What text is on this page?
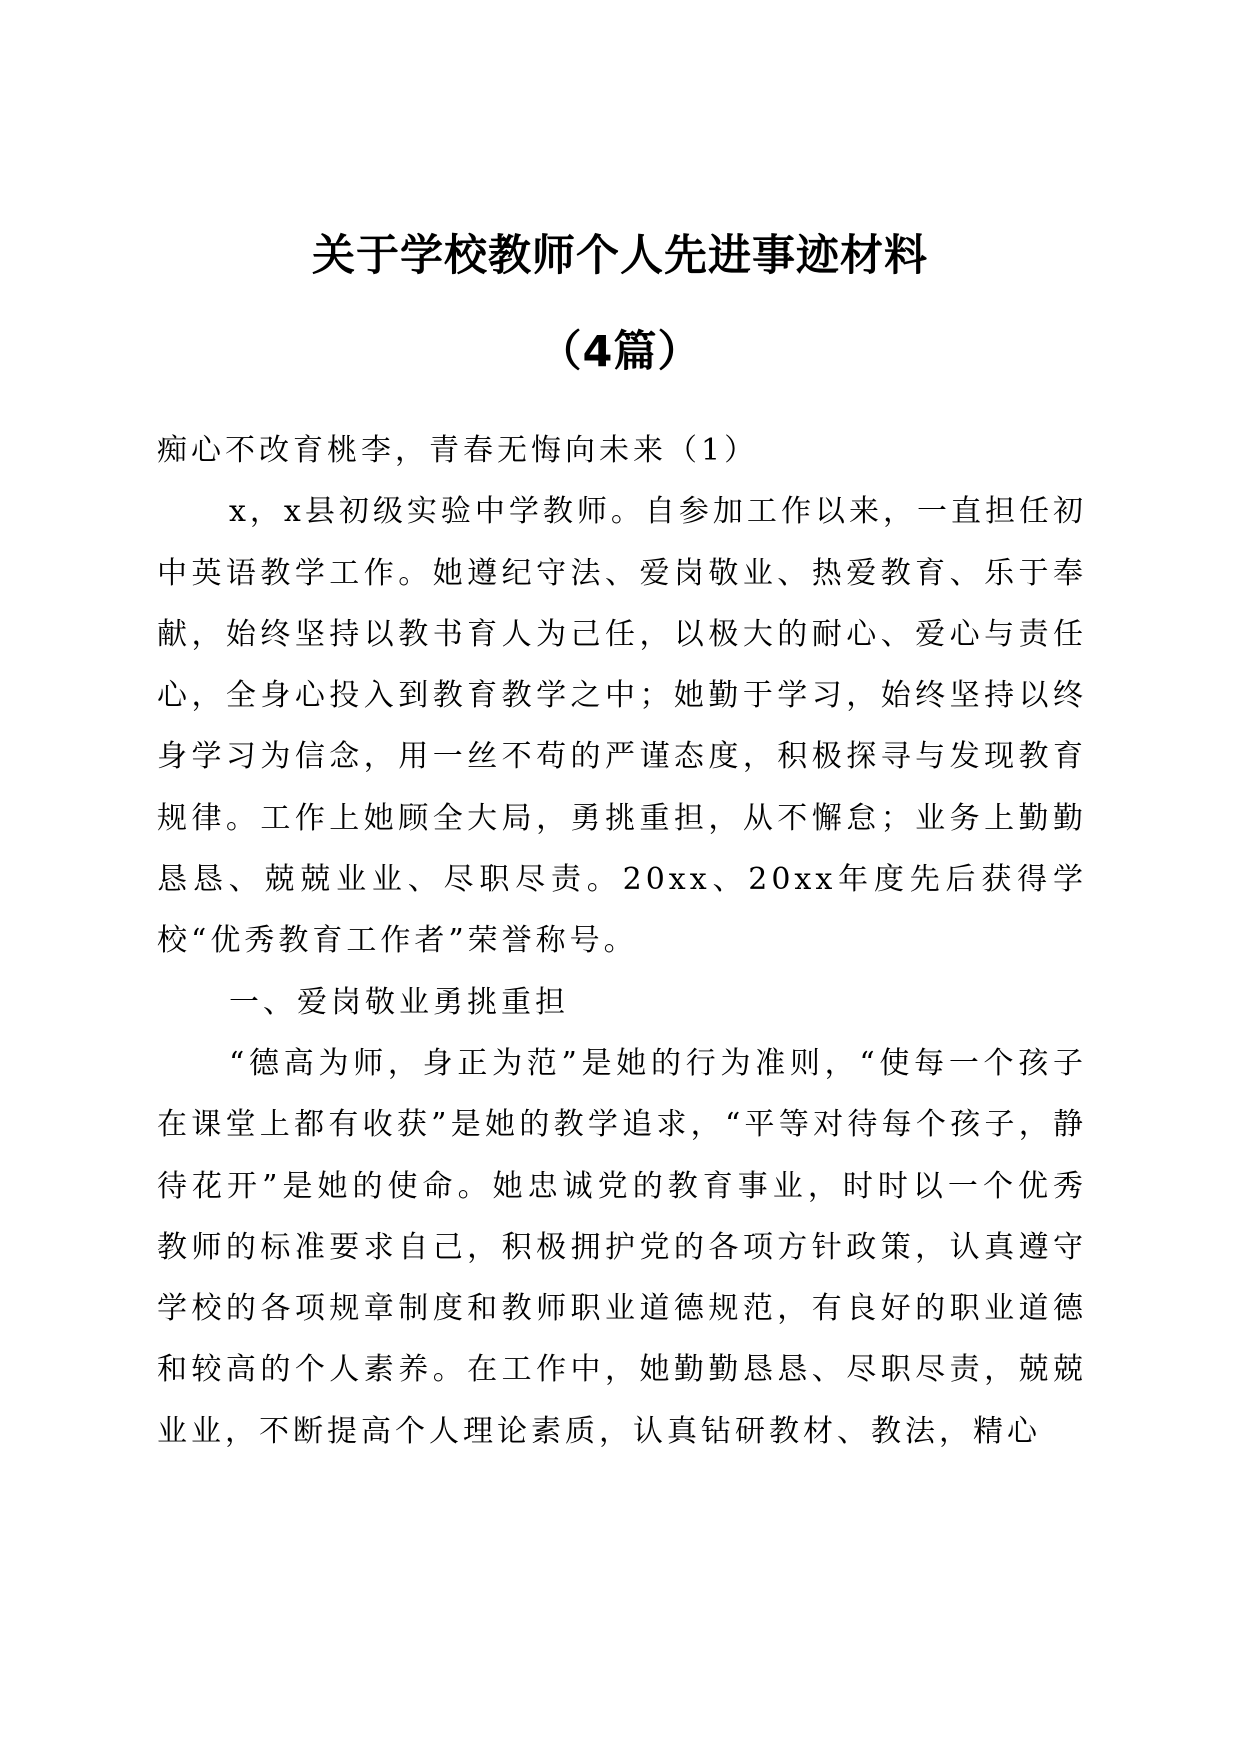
关于学校教师个人先进事迹材料
（4篇）

痴心不改育桃李，青春无悔向未来（1）

x，x县初级实验中学教师。自参加工作以来，一直担任初中英语教学工作。她遵纪守法、爱岗敬业、热爱教育、乐于奉献，始终坚持以教书育人为己任，以极大的耐心、爱心与责任心，全身心投入到教育教学之中；她勤于学习，始终坚持以终身学习为信念，用一丝不苟的严谨态度，积极探寻与发现教育规律。工作上她顾全大局，勇挑重担，从不懈怠；业务上勤勤恳恳、兢兢业业、尽职尽责。20xx、20xx年度先后获得学校“优秀教育工作者”荣誉称号。

一、爱岗敬业勇挑重担

“德高为师，身正为范”是她的行为准则，“使每一个孩子在课堂上都有收获”是她的教学追求，“平等对待每个孩子，静待花开”是她的使命。她忠诚党的教育事业，时时以一个优秀教师的标准要求自己，积极拥护党的各项方针政策，认真遵守学校的各项规章制度和教师职业道德规范，有良好的职业道德和较高的个人素养。在工作中，她勤勤恳恳、尽职尽责，兢兢业业，不断提高个人理论素质，认真钻研教材、教法，精心
